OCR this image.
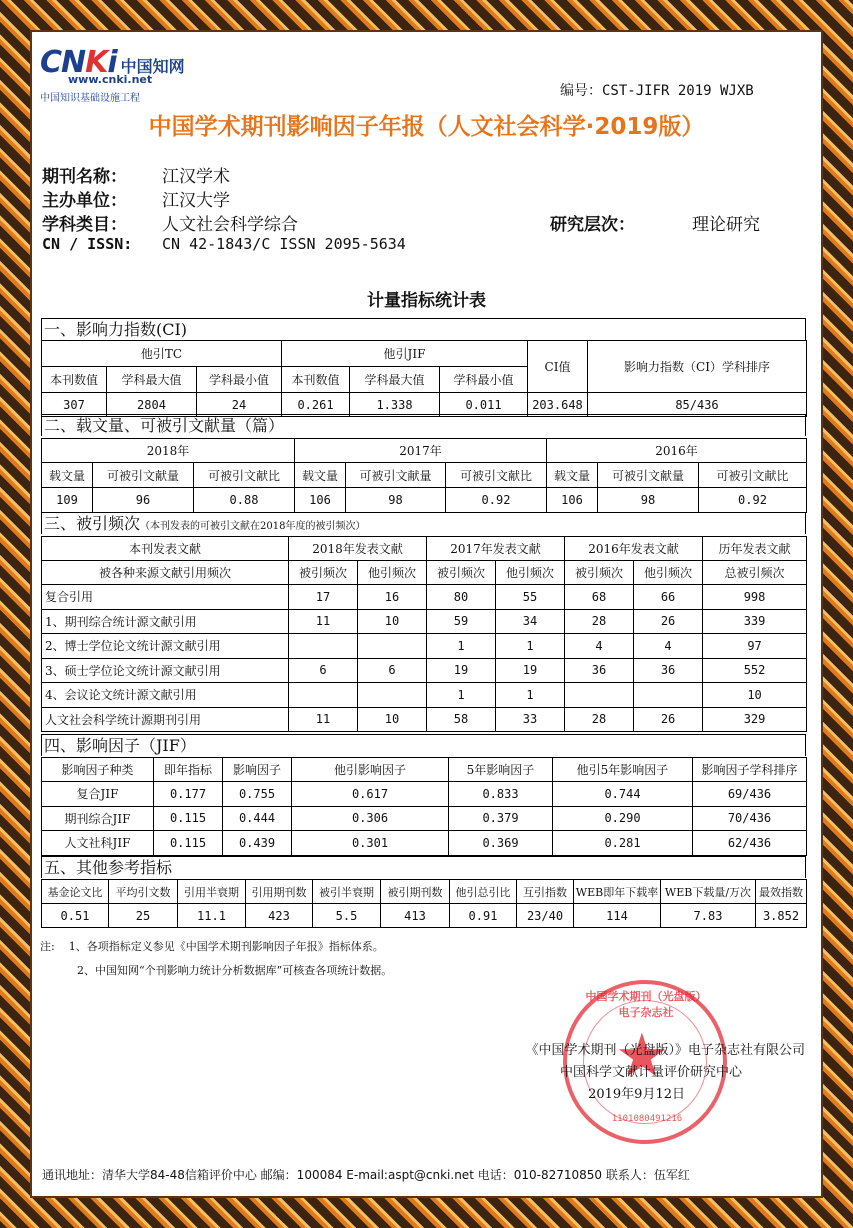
CNKi 中国知网
www.cnki.net
中国知识基础设施工程	编号：CST-JIFR 2019 WJXB
中国学术期刊影响因子年报（人文社会科学·2019版）
期刊名称： 江汉学术
主办单位： 江汉大学
学科类目： 人文社会科学综合	研究层次：	理论研究
CN / ISSN: CN 42-1843/C ISSN 2095-5634
计量指标统计表
一、影响力指数(CI)
他引TC			他引JIF			CI值	影响力指数（CI）学科排序
本刊数值	学科最大值	学科最小值	本刊数值	学科最大值	学科最小值		
307	2804	24	0.261	1.338	0.011	203.648	85/436
二、载文量、可被引文献量（篇）
2018年			2017年			2016年		
载文量	可被引文献量	可被引文献比	载文量	可被引文献量	可被引文献比	载文量	可被引文献量	可被引文献比
109	96	0.88	106	98	0.92	106	98	0.92
三、被引频次（本刊发表的可被引文献在2018年度的被引频次）
本刊发表文献	2018年发表文献		2017年发表文献		2016年发表文献		历年发表文献
被各种来源文献引用频次	被引频次	他引频次	被引频次	他引频次	被引频次	他引频次	总被引频次
复合引用	17	16	80	55	68	66	998
1、期刊综合统计源文献引用	11	10	59	34	28	26	339
2、博士学位论文统计源文献引用			1	1	4	4	97
3、硕士学位论文统计源文献引用	6	6	19	19	36	36	552
4、会议论文统计源文献引用			1	1			10
人文社会科学统计源期刊引用	11	10	58	33	28	26	329
四、影响因子（JIF）
影响因子种类	即年指标	影响因子	他引影响因子	5年影响因子	他引5年影响因子	影响因子学科排序
复合JIF	0.177	0.755	0.617	0.833	0.744	69/436
期刊综合JIF	0.115	0.444	0.306	0.379	0.290	70/436
人文社科JIF	0.115	0.439	0.301	0.369	0.281	62/436
五、其他参考指标
基金论文比	平均引文数	引用半衰期	引用期刊数	被引半衰期	被引期刊数	他引总引比	互引指数	WEB即年下载率	WEB下载量/万次	最效指数
0.51	25	11.1	423	5.5	413	0.91	23/40	114	7.83	3.852
注: 1、各项指标定义参见《中国学术期刊影响因子年报》指标体系。
2、中国知网“个刊影响力统计分析数据库”可核查各项统计数据。
中国学术期刊（光盘版）电子杂志社
★
1101080491216
《中国学术期刊（光盘版）》电子杂志社有限公司
中国科学文献计量评价研究中心
2019年9月12日
通讯地址：清华大学84-48信箱评价中心 邮编：100084 E-mail:aspt@cnki.net 电话：010-82710850 联系人：伍军红
